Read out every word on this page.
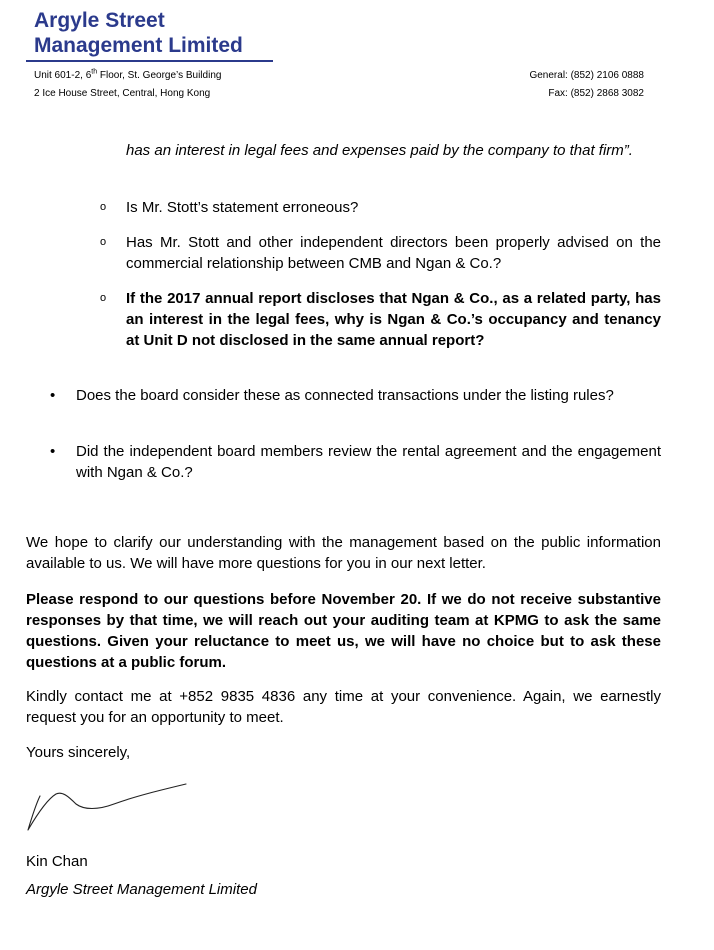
Argyle Street
Management Limited
Unit 601-2, 6th Floor, St. George’s Building
2 Ice House Street, Central, Hong Kong
General: (852) 2106 0888
Fax: (852) 2868 3082
has an interest in legal fees and expenses paid by the company to that firm”.
o Is Mr. Stott’s statement erroneous?
o Has Mr. Stott and other independent directors been properly advised on the commercial relationship between CMB and Ngan & Co.?
o If the 2017 annual report discloses that Ngan & Co., as a related party, has an interest in the legal fees, why is Ngan & Co.’s occupancy and tenancy at Unit D not disclosed in the same annual report?
• Does the board consider these as connected transactions under the listing rules?
• Did the independent board members review the rental agreement and the engagement with Ngan & Co.?
We hope to clarify our understanding with the management based on the public information available to us. We will have more questions for you in our next letter.
Please respond to our questions before November 20. If we do not receive substantive responses by that time, we will reach out your auditing team at KPMG to ask the same questions. Given your reluctance to meet us, we will have no choice but to ask these questions at a public forum.
Kindly contact me at +852 9835 4836 any time at your convenience. Again, we earnestly request you for an opportunity to meet.
Yours sincerely,
Kin Chan
Argyle Street Management Limited
